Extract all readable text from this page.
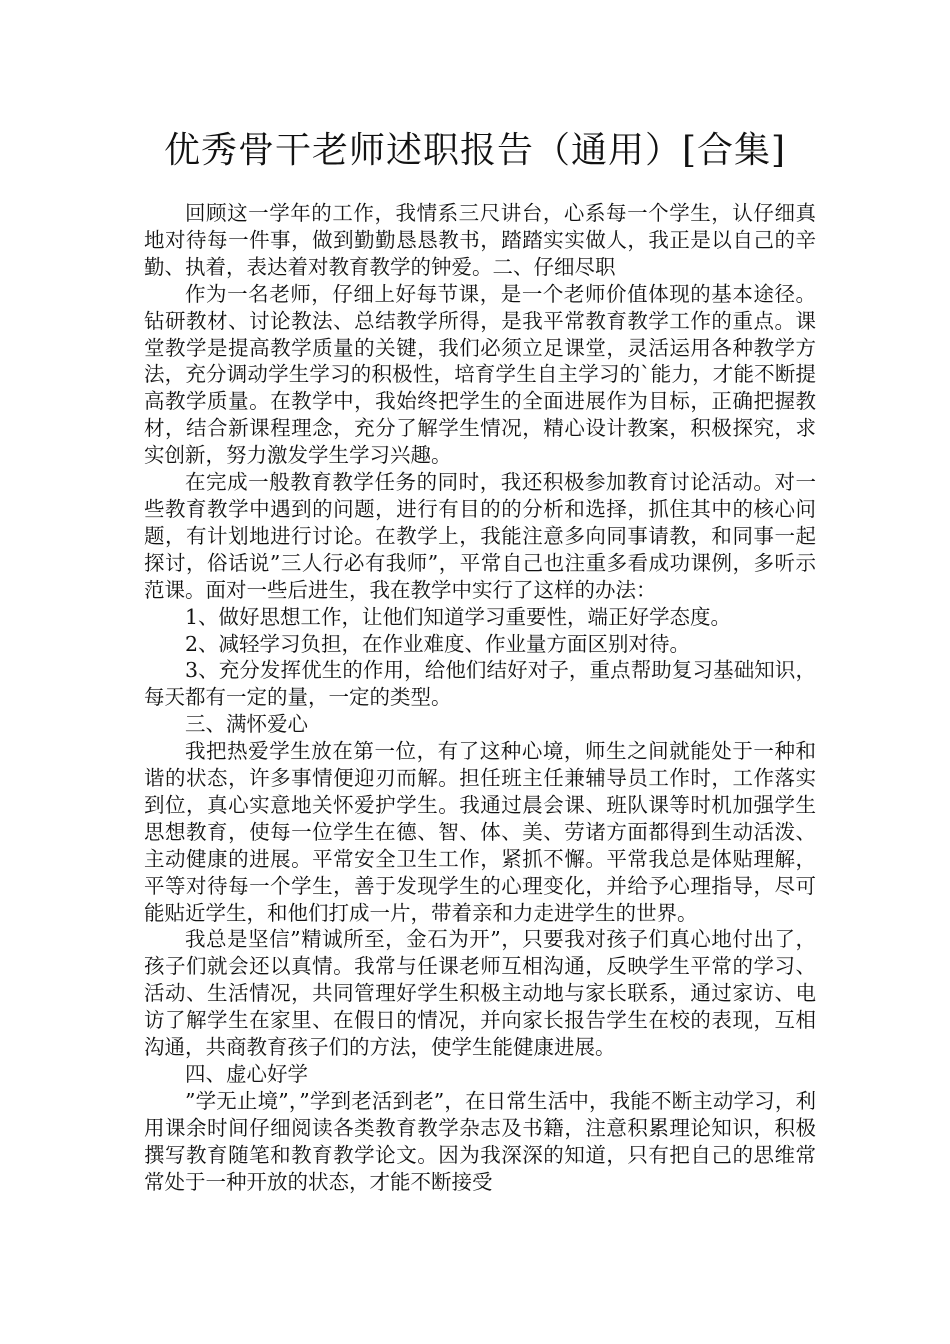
优秀骨干老师述职报告（通用）[合集]

回顾这一学年的工作，我情系三尺讲台，心系每一个学生，认仔细真地对待每一件事，做到勤勤恳恳教书，踏踏实实做人，我正是以自己的辛勤、执着，表达着对教育教学的钟爱。二、仔细尽职

作为一名老师，仔细上好每节课，是一个老师价值体现的基本途径。钻研教材、讨论教法、总结教学所得，是我平常教育教学工作的重点。课堂教学是提高教学质量的关键，我们必须立足课堂，灵活运用各种教学方法，充分调动学生学习的积极性，培育学生自主学习的`能力，才能不断提高教学质量。在教学中，我始终把学生的全面进展作为目标，正确把握教材，结合新课程理念，充分了解学生情况，精心设计教案，积极探究，求实创新，努力激发学生学习兴趣。

在完成一般教育教学任务的同时，我还积极参加教育讨论活动。对一些教育教学中遇到的问题，进行有目的的分析和选择，抓住其中的核心问题，有计划地进行讨论。在教学上，我能注意多向同事请教，和同事一起探讨，俗话说”三人行必有我师”，平常自己也注重多看成功课例，多听示范课。面对一些后进生，我在教学中实行了这样的办法：

1、做好思想工作，让他们知道学习重要性，端正好学态度。

2、减轻学习负担，在作业难度、作业量方面区别对待。

3、充分发挥优生的作用，给他们结好对子，重点帮助复习基础知识，每天都有一定的量，一定的类型。

三、满怀爱心

我把热爱学生放在第一位，有了这种心境，师生之间就能处于一种和谐的状态，许多事情便迎刃而解。担任班主任兼辅导员工作时，工作落实到位，真心实意地关怀爱护学生。我通过晨会课、班队课等时机加强学生思想教育，使每一位学生在德、智、体、美、劳诸方面都得到生动活泼、主动健康的进展。平常安全卫生工作，紧抓不懈。平常我总是体贴理解，平等对待每一个学生，善于发现学生的心理变化，并给予心理指导，尽可能贴近学生，和他们打成一片，带着亲和力走进学生的世界。

我总是坚信”精诚所至，金石为开”，只要我对孩子们真心地付出了，孩子们就会还以真情。我常与任课老师互相沟通，反映学生平常的学习、活动、生活情况，共同管理好学生积极主动地与家长联系，通过家访、电访了解学生在家里、在假日的情况，并向家长报告学生在校的表现，互相沟通，共商教育孩子们的方法，使学生能健康进展。

四、虚心好学

”学无止境”，”学到老活到老”，在日常生活中，我能不断主动学习，利用课余时间仔细阅读各类教育教学杂志及书籍，注意积累理论知识，积极撰写教育随笔和教育教学论文。因为我深深的知道，只有把自己的思维常常处于一种开放的状态，才能不断接受
